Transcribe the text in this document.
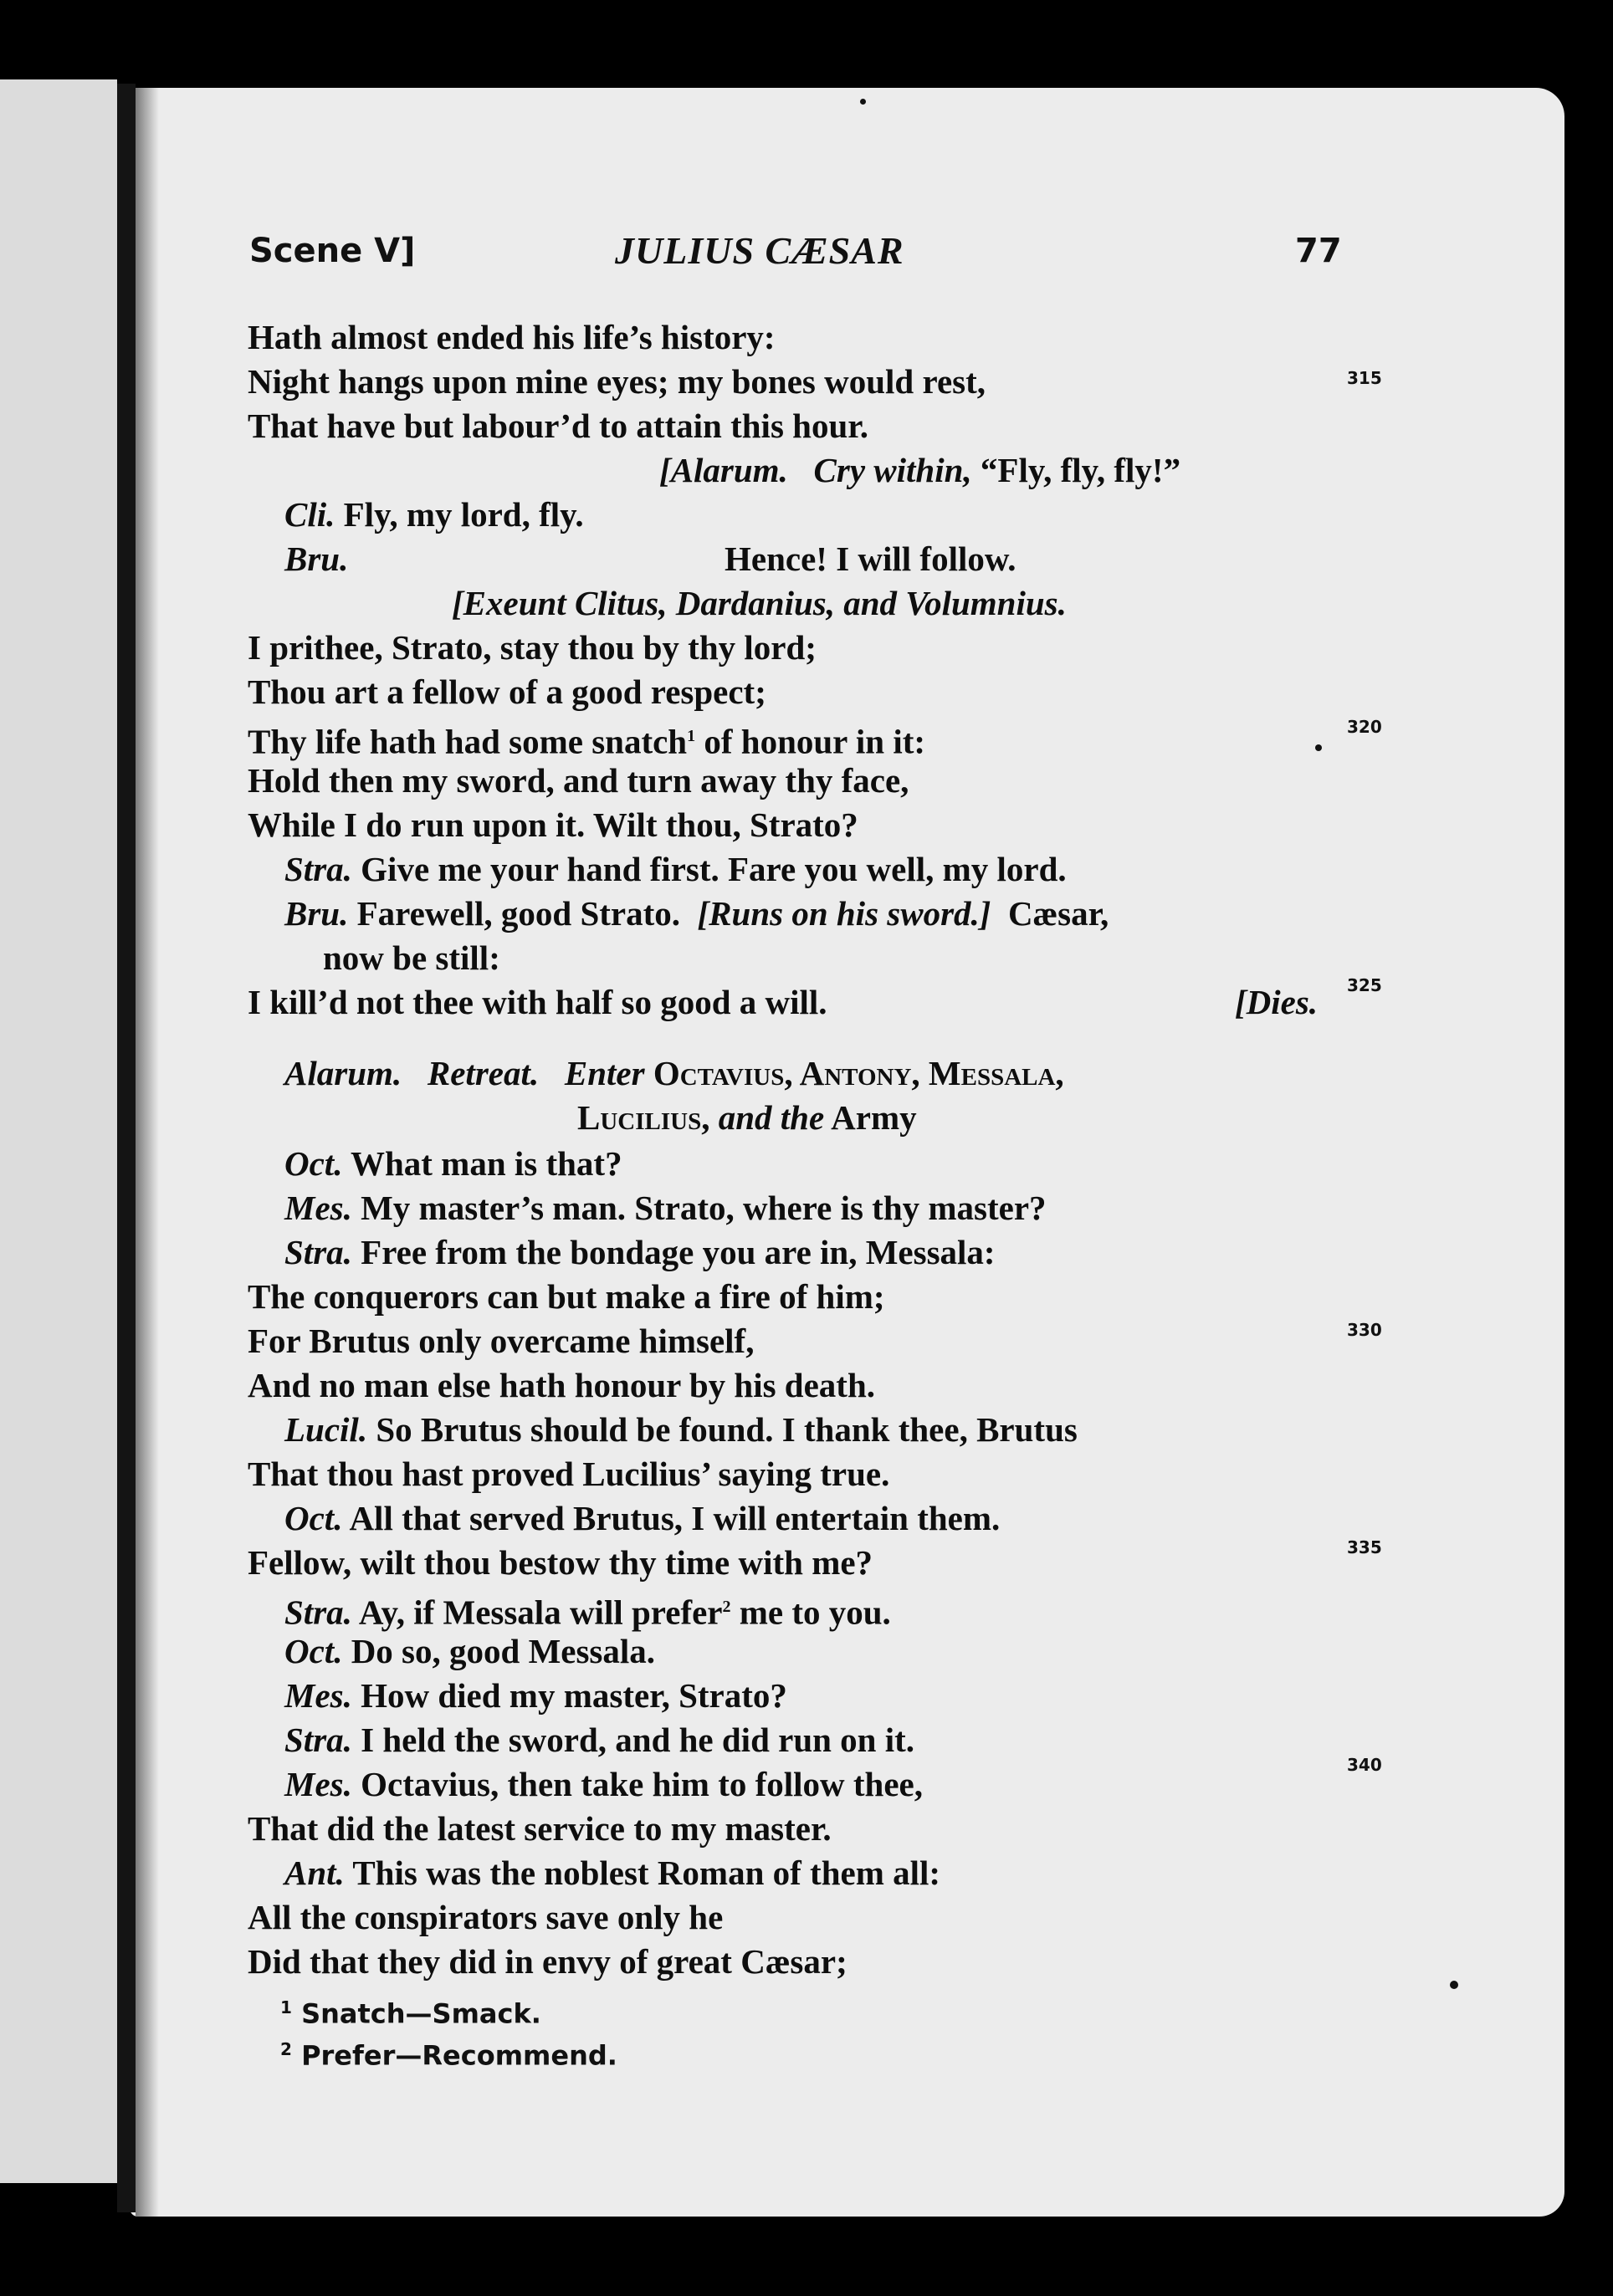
Scene V]	JULIUS CÆSAR	77
Hath almost ended his life’s history:
Night hangs upon mine eyes; my bones would rest,	315
That have but labour’d to attain this hour.
[Alarum. Cry within, “Fly, fly, fly!”
Cli. Fly, my lord, fly.
Bru.	Hence! I will follow.
[Exeunt Clitus, Dardanius, and Volumnius.
I prithee, Strato, stay thou by thy lord;
Thou art a fellow of a good respect;
Thy life hath had some snatch$^1$ of honour in it:	320
Hold then my sword, and turn away thy face,
While I do run upon it. Wilt thou, Strato?
Stra. Give me your hand first. Fare you well, my lord.
Bru. Farewell, good Strato. [Runs on his sword.] Cæsar,
now be still:
I kill’d not thee with half so good a will.	[Dies. 325
Alarum. Retreat. Enter Octavius, Antony, Messala,
Lucilius, and the Army
Oct. What man is that?
Mes. My master’s man. Strato, where is thy master?
Stra. Free from the bondage you are in, Messala:
The conquerors can but make a fire of him;
For Brutus only overcame himself,	330
And no man else hath honour by his death.
Lucil. So Brutus should be found. I thank thee, Brutus
That thou hast proved Lucilius’ saying true.
Oct. All that served Brutus, I will entertain them.
Fellow, wilt thou bestow thy time with me?	335
Stra. Ay, if Messala will prefer$^2$ me to you.
Oct. Do so, good Messala.
Mes. How died my master, Strato?
Stra. I held the sword, and he did run on it.
Mes. Octavius, then take him to follow thee,	340
That did the latest service to my master.
Ant. This was the noblest Roman of them all:
All the conspirators save only he
Did that they did in envy of great Cæsar;
$^1$ Snatch—Smack.
$^2$ Prefer—Recommend.
